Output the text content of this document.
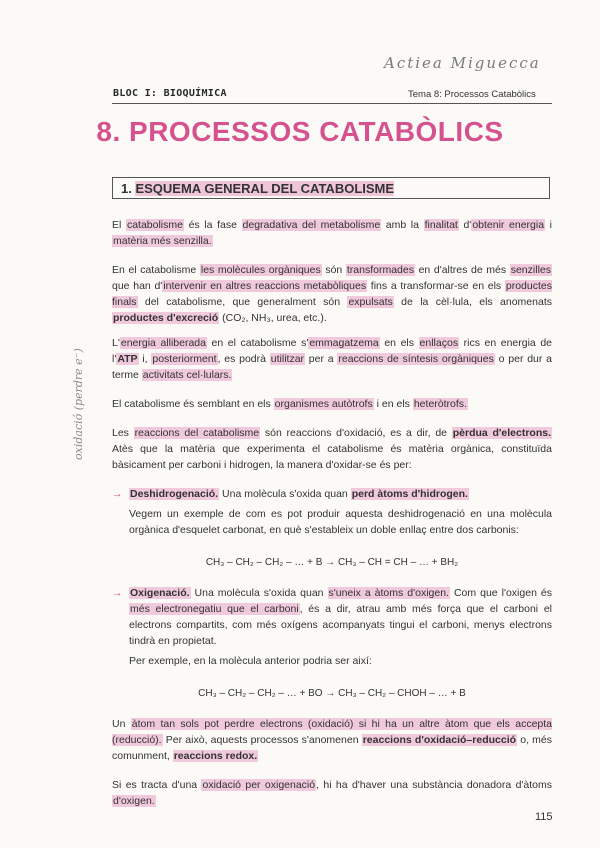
Actiea Miguecca
oxidació (perdre e⁻)
BLOC I: BIOQUÍMICA	Tema 8: Processos Catabòlics
8. PROCESSOS CATABÒLICS
1. ESQUEMA GENERAL DEL CATABOLISME
El catabolisme és la fase degradativa del metabolisme amb la finalitat d'obtenir energia i matèria més senzilla.
En el catabolisme les molècules orgàniques són transformades en d'altres de més senzilles que han d'intervenir en altres reaccions metabòliques fins a transformar-se en els productes finals del catabolisme, que generalment són expulsats de la cèl·lula, els anomenats productes d'excreció (CO₂, NH₃, urea, etc.).
L'energia alliberada en el catabolisme s'emmagatzema en els enllaços rics en energia de l'ATP i, posteriorment, es podrà utilitzar per a reaccions de síntesis orgàniques o per dur a terme activitats cel·lulars.
El catabolisme és semblant en els organismes autòtrofs i en els heteròtrofs.
Les reaccions del catabolisme són reaccions d'oxidació, es a dir, de pèrdua d'electrons. Atès que la matèria que experimenta el catabolisme és matèria orgànica, constituïda bàsicament per carboni i hidrogen, la manera d'oxidar-se és per:
→ Deshidrogenació. Una molècula s'oxida quan perd àtoms d'hidrogen.
Vegem un exemple de com es pot produir aquesta deshidrogenació en una molècula orgànica d'esquelet carbonat, en què s'estableix un doble enllaç entre dos carbonis:
CH₃ – CH₂ – CH₂ – … + B → CH₃ – CH = CH – … + BH₂
→ Oxigenació. Una molècula s'oxida quan s'uneix a àtoms d'oxigen. Com que l'oxigen és més electronegatiu que el carboni, és a dir, atrau amb més força que el carboni el electrons compartits, com més oxígens acompanyats tingui el carboni, menys electrons tindrà en propietat.
Per exemple, en la molècula anterior podria ser així:
CH₃ – CH₂ – CH₂ – … + BO → CH₃ – CH₂ – CHOH – … + B
Un àtom tan sols pot perdre electrons (oxidació) si hi ha un altre àtom que els accepta (reducció). Per això, aquests processos s'anomenen reaccions d'oxidació–reducció o, més comunment, reaccions redox.
Si es tracta d'una oxidació per oxigenació, hi ha d'haver una substància donadora d'àtoms d'oxigen.
115
